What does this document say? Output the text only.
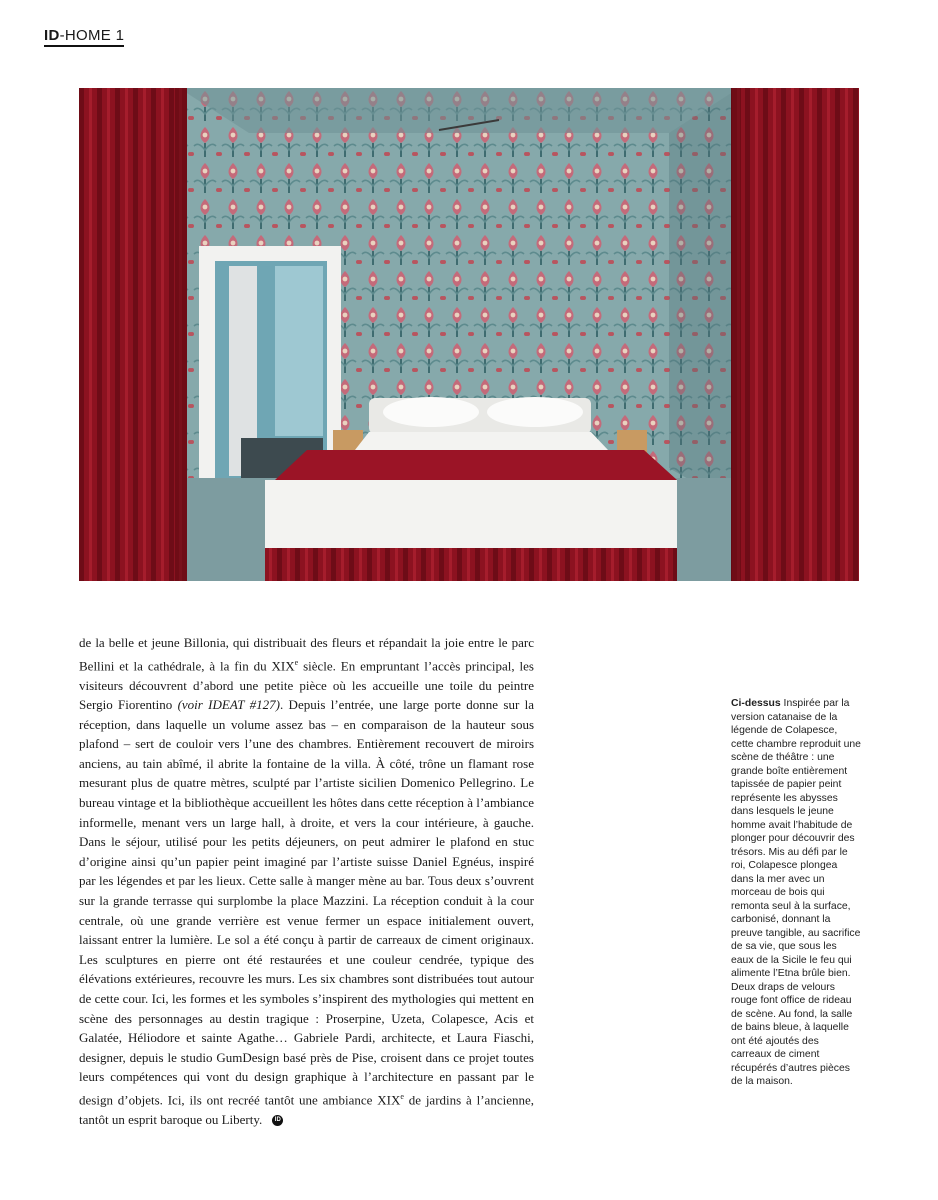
ID-HOME 1

de la belle et jeune Billonia, qui distribuait des fleurs et répandait la joie entre le parc Bellini et la cathédrale, à la fin du XIXe siècle. En empruntant l’accès principal, les visiteurs découvrent d’abord une petite pièce où les accueille une toile du peintre Sergio Fiorentino (voir IDEAT #127). Depuis l’entrée, une large porte donne sur la réception, dans laquelle un volume assez bas – en comparaison de la hauteur sous plafond – sert de couloir vers l’une des chambres. Entièrement recouvert de miroirs anciens, au tain abîmé, il abrite la fontaine de la villa. À côté, trône un flamant rose mesurant plus de quatre mètres, sculpté par l’artiste sicilien Domenico Pellegrino. Le bureau vintage et la bibliothèque accueillent les hôtes dans cette réception à l’ambiance informelle, menant vers un large hall, à droite, et vers la cour intérieure, à gauche. Dans le séjour, utilisé pour les petits déjeuners, on peut admirer le plafond en stuc d’origine ainsi qu’un papier peint imaginé par l’artiste suisse Daniel Egnéus, inspiré par les légendes et par les lieux. Cette salle à manger mène au bar. Tous deux s’ouvrent sur la grande terrasse qui surplombe la place Mazzini. La réception conduit à la cour centrale, où une grande verrière est venue fermer un espace initialement ouvert, laissant entrer la lumière. Le sol a été conçu à partir de carreaux de ciment originaux. Les sculptures en pierre ont été restaurées et une couleur cendrée, typique des élévations extérieures, recouvre les murs. Les six chambres sont distribuées tout autour de cette cour. Ici, les formes et les symboles s’inspirent des mythologies qui mettent en scène des personnages au destin tragique : Proserpine, Uzeta, Colapesce, Acis et Galatée, Héliodore et sainte Agathe… Gabriele Pardi, architecte, et Laura Fiaschi, designer, depuis le studio GumDesign basé près de Pise, croisent dans ce projet toutes leurs compétences qui vont du design graphique à l’architecture en passant par le design d’objets. Ici, ils ont recréé tantôt une ambiance XIXe de jardins à l’ancienne, tantôt un esprit baroque ou Liberty. ID

Ci-dessus Inspirée par la version catanaise de la légende de Colapesce, cette chambre reproduit une scène de théâtre : une grande boîte entièrement tapissée de papier peint représente les abysses dans lesquels le jeune homme avait l’habitude de plonger pour découvrir des trésors. Mis au défi par le roi, Colapesce plongea dans la mer avec un morceau de bois qui remonta seul à la surface, carbonisé, donnant la preuve tangible, au sacrifice de sa vie, que sous les eaux de la Sicile le feu qui alimente l’Etna brûle bien. Deux draps de velours rouge font office de rideau de scène. Au fond, la salle de bains bleue, à laquelle ont été ajoutés des carreaux de ciment récupérés d’autres pièces de la maison.
